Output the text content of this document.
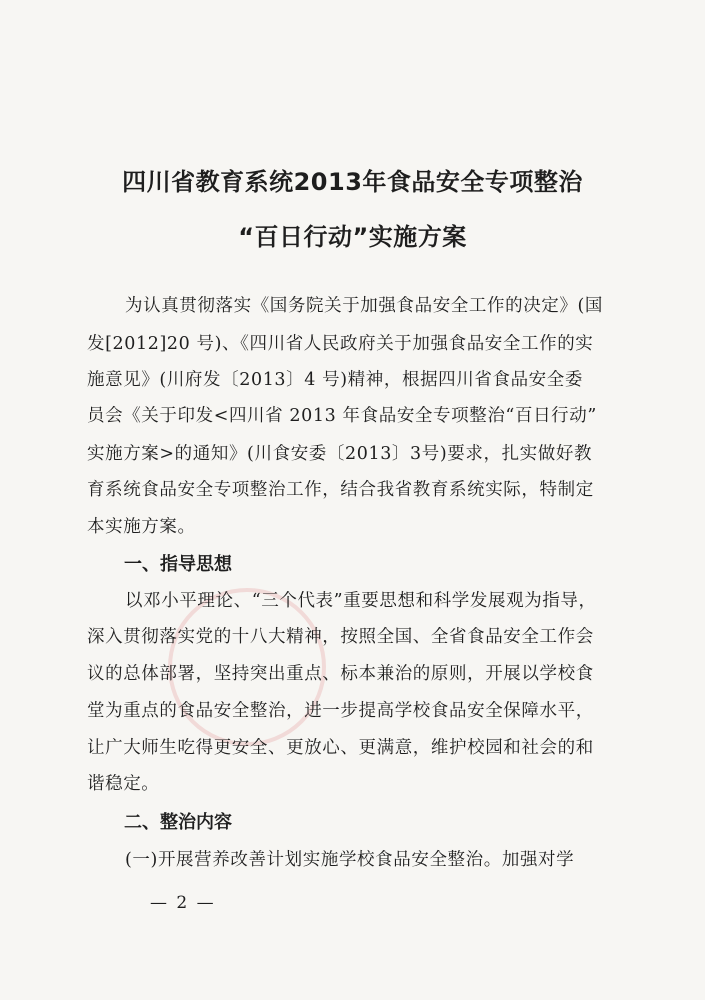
四川省教育系统2013年食品安全专项整治
“百日行动”实施方案
为认真贯彻落实《国务院关于加强食品安全工作的决定》(国
发[2012]20 号)、《四川省人民政府关于加强食品安全工作的实
施意见》(川府发〔2013〕4 号)精神，根据四川省食品安全委
员会《关于印发<四川省 2013 年食品安全专项整治“百日行动”
实施方案>的通知》(川食安委〔2013〕3号)要求，扎实做好教
育系统食品安全专项整治工作，结合我省教育系统实际，特制定
本实施方案。
一、指导思想
以邓小平理论、“三个代表”重要思想和科学发展观为指导，
深入贯彻落实党的十八大精神，按照全国、全省食品安全工作会
议的总体部署，坚持突出重点、标本兼治的原则，开展以学校食
堂为重点的食品安全整治，进一步提高学校食品安全保障水平，
让广大师生吃得更安全、更放心、更满意，维护校园和社会的和
谐稳定。
二、整治内容
(一)开展营养改善计划实施学校食品安全整治。加强对学
— 2 —
